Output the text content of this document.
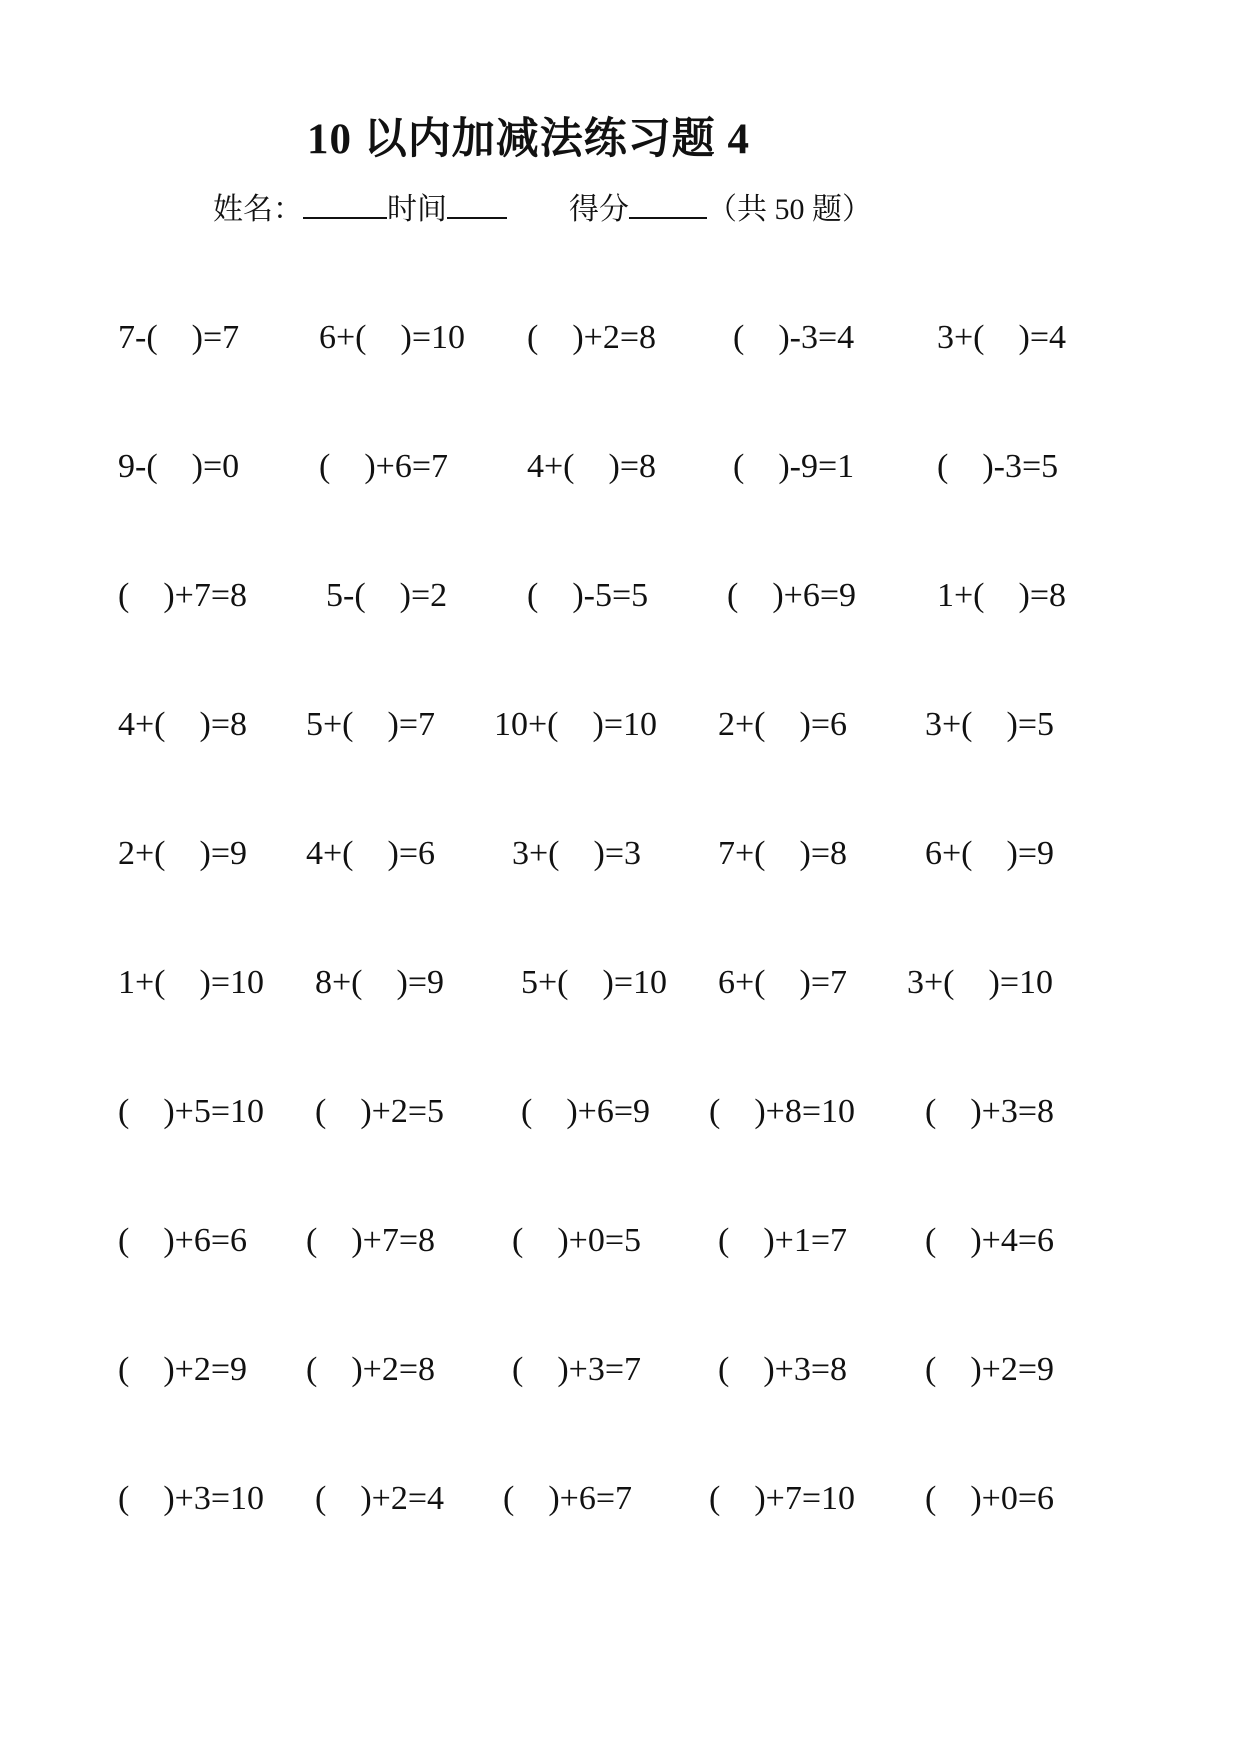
10 以内加减法练习题 4
姓名：	时间	得分	（共 50 题）
7-(　)=7 6+(　)=10 (　)+2=8 (　)-3=4 3+(　)=4
9-(　)=0 (　)+6=7 4+(　)=8 (　)-9=1 (　)-3=5
(　)+7=8 5-(　)=2 (　)-5=5 (　)+6=9 1+(　)=8
4+(　)=8 5+(　)=7 10+(　)=10 2+(　)=6 3+(　)=5
2+(　)=9 4+(　)=6 3+(　)=3 7+(　)=8 6+(　)=9
1+(　)=10 8+(　)=9 5+(　)=10 6+(　)=7 3+(　)=10
(　)+5=10 (　)+2=5 (　)+6=9 (　)+8=10 (　)+3=8
(　)+6=6 (　)+7=8 (　)+0=5 (　)+1=7 (　)+4=6
(　)+2=9 (　)+2=8 (　)+3=7 (　)+3=8 (　)+2=9
(　)+3=10 (　)+2=4 (　)+6=7 (　)+7=10 (　)+0=6
